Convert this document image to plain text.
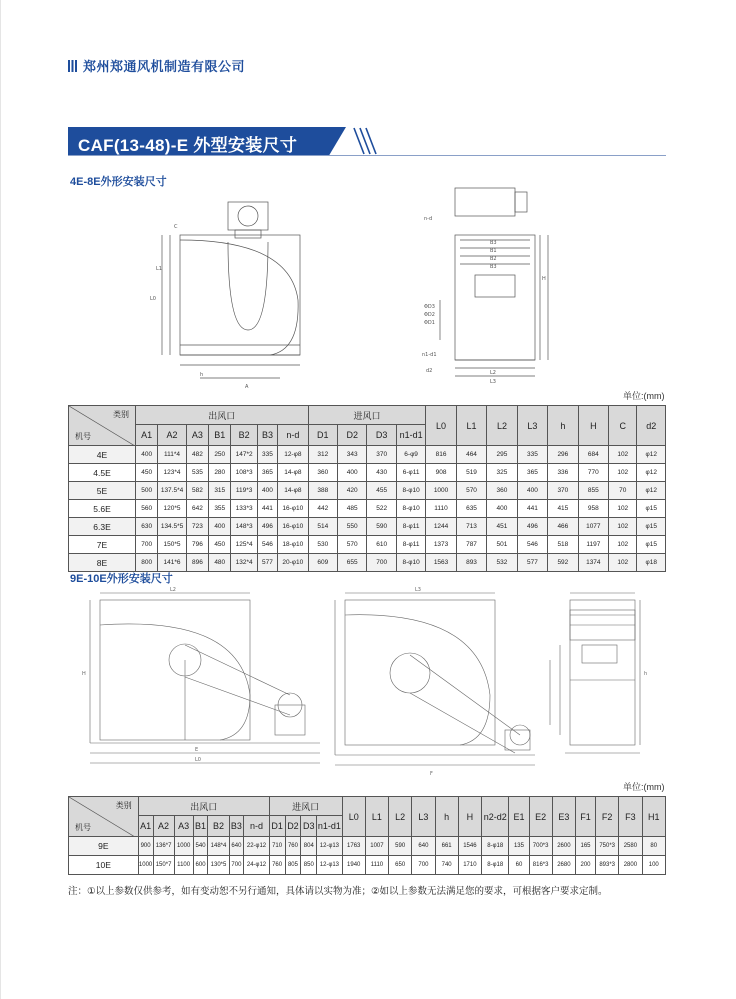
郑州郑通风机制造有限公司
CAF(13-48)-E 外型安装尺寸
4E-8E外形安装尺寸
L1
L0
h
A
C
n-d
B3
B1
B2
B3
ΦD3
ΦD2
ΦD1
n1-d1
d2	L2
L3
H
单位:(mm)
类别
机号	出风口							进风口				L0	L1	L2	L3	h	H	C	d2
	A1	A2	A3	B1	B2	B3	n-d	D1	D2	D3	n1-d1								
4E	400	111*4	482	250	147*2	335	12-φ8	312	343	370	6-φ9	816	464	295	335	296	684	102	φ12
4.5E	450	123*4	535	280	108*3	365	14-φ8	360	400	430	6-φ11	908	519	325	365	336	770	102	φ12
5E	500	137.5*4	582	315	119*3	400	14-φ8	388	420	455	8-φ10	1000	570	360	400	370	855	70	φ12
5.6E	560	120*5	642	355	133*3	441	16-φ10	442	485	522	8-φ10	1110	635	400	441	415	958	102	φ15
6.3E	630	134.5*5	723	400	148*3	496	16-φ10	514	550	590	8-φ11	1244	713	451	496	466	1077	102	φ15
7E	700	150*5	796	450	125*4	546	18-φ10	530	570	610	8-φ11	1373	787	501	546	518	1197	102	φ15
8E	800	141*6	896	480	132*4	577	20-φ10	609	655	700	8-φ10	1563	893	532	577	592	1374	102	φ18
9E-10E外形安装尺寸
L2
L0
H
E
L3
F
h
单位:(mm)
类别
机号	出风口							进风口				L0	L1	L2	L3	h	H	n2-d2	E1	E2	E3	F1	F2	F3	H1
	A1	A2	A3	B1	B2	B3	n-d	D1	D2	D3	n1-d1														
9E	900	136*7	1000	540	148*4	640	22-φ12	710	760	804	12-φ13	1763	1007	590	640	661	1546	8-φ18	135	700*3	2600	165	750*3	2580	80
10E	1000	150*7	1100	600	130*5	700	24-φ12	760	805	850	12-φ13	1940	1110	650	700	740	1710	8-φ18	60	816*3	2680	200	893*3	2800	100
注：①以上参数仅供参考，如有变动恕不另行通知，具体请以实物为准；②如以上参数无法满足您的要求，可根据客户要求定制。
